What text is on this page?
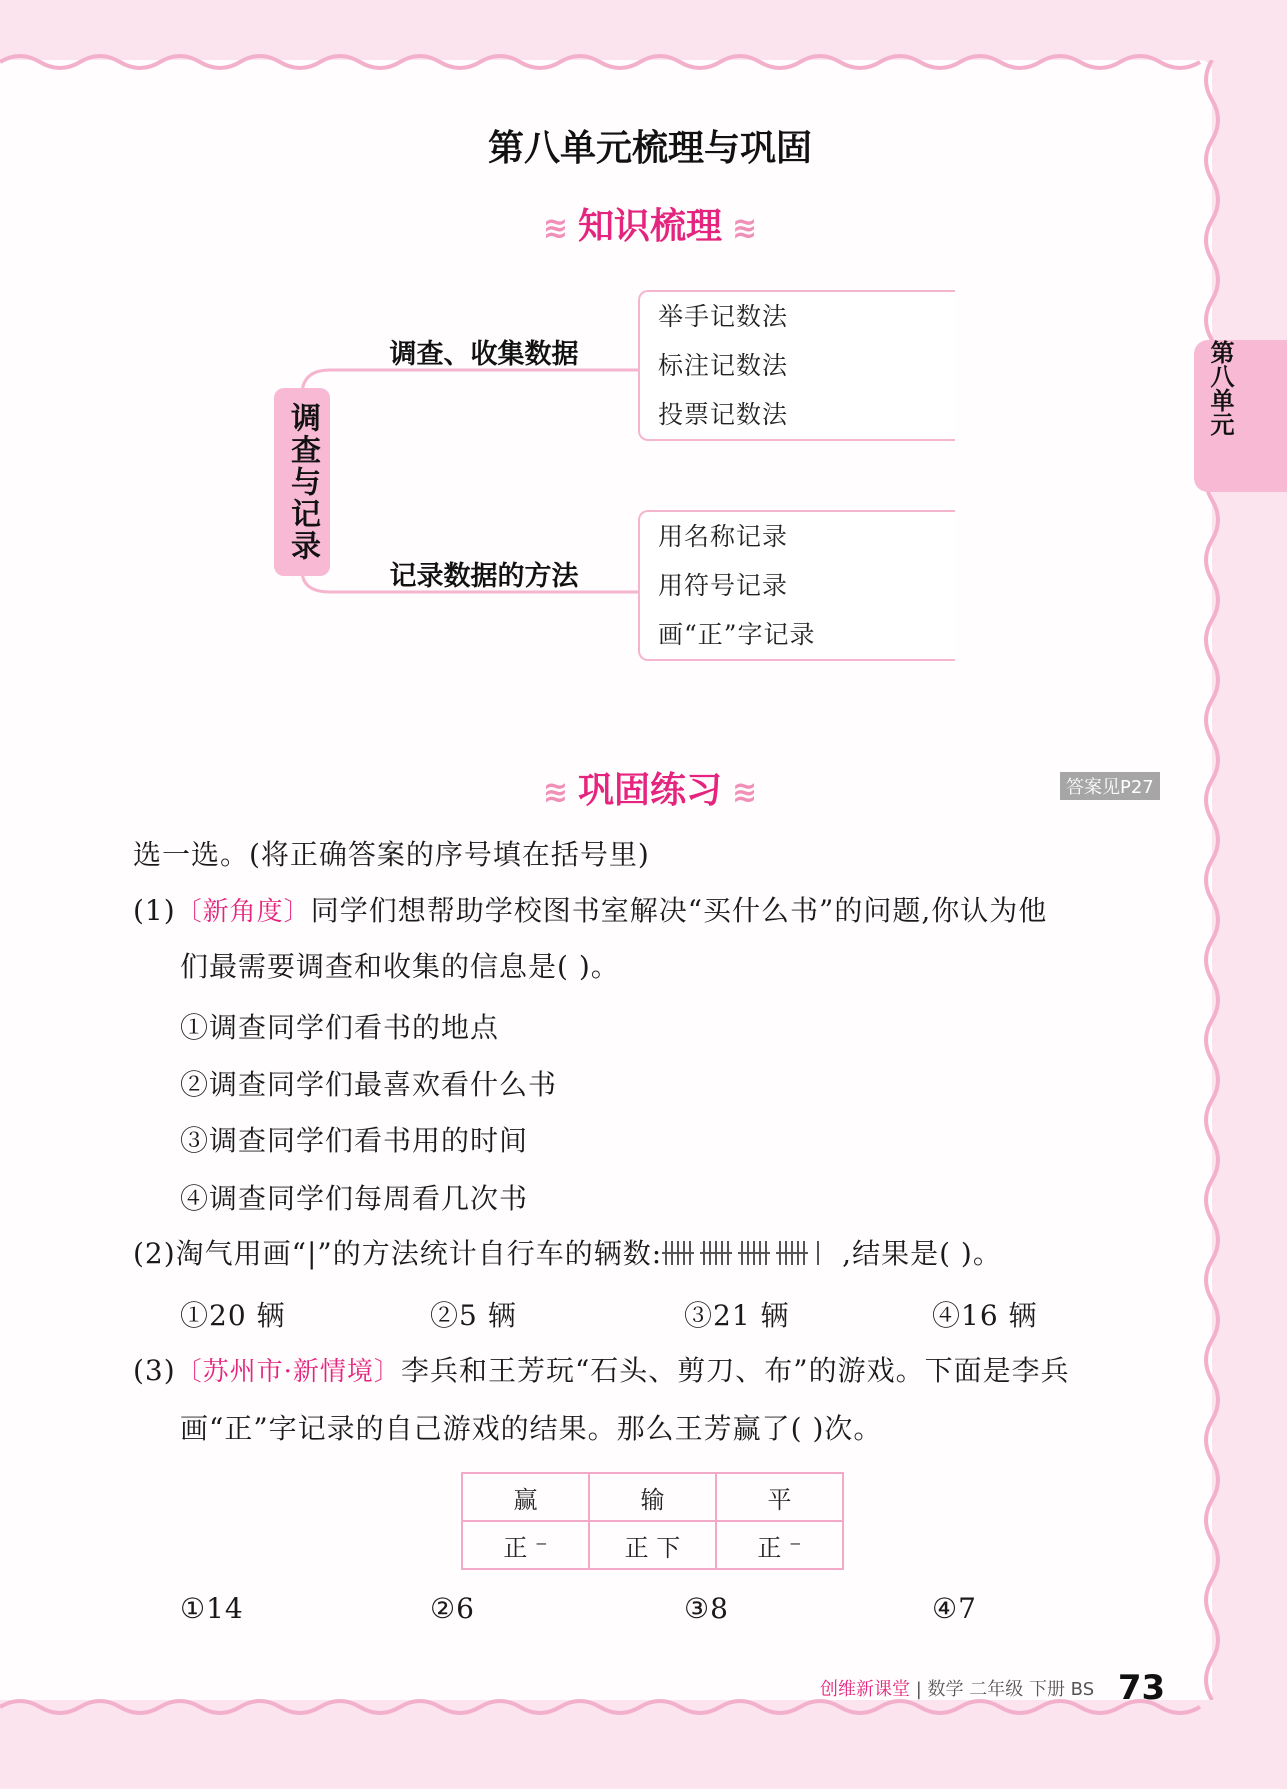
第八单元
第八单元梳理与巩固
≋ 知识梳理 ≋
调查与记录
调查、收集数据
记录数据的方法
举手记数法
标注记数法
投票记数法
用名称记录
用符号记录
画“正”字记录
≋ 巩固练习 ≋	答案见P27
选一选。(将正确答案的序号填在括号里)
(1)〔新角度〕同学们想帮助学校图书室解决“买什么书”的问题,你认为他
们最需要调查和收集的信息是( )。
①调查同学们看书的地点
②调查同学们最喜欢看什么书
③调查同学们看书用的时间
④调查同学们每周看几次书
(2)淘气用画“|”的方法统计自行车的辆数:	,结果是( )。
①20 辆	②5 辆	③21 辆	④16 辆
(3)〔苏州市·新情境〕李兵和王芳玩“石头、剪刀、布”的游戏。下面是李兵
画“正”字记录的自己游戏的结果。那么王芳赢了( )次。
赢	输	平
正 ⁻	正 下	正 ⁻
①14	②6	③8	④7
创维新课堂 | 数学 二年级 下册 BS 73
